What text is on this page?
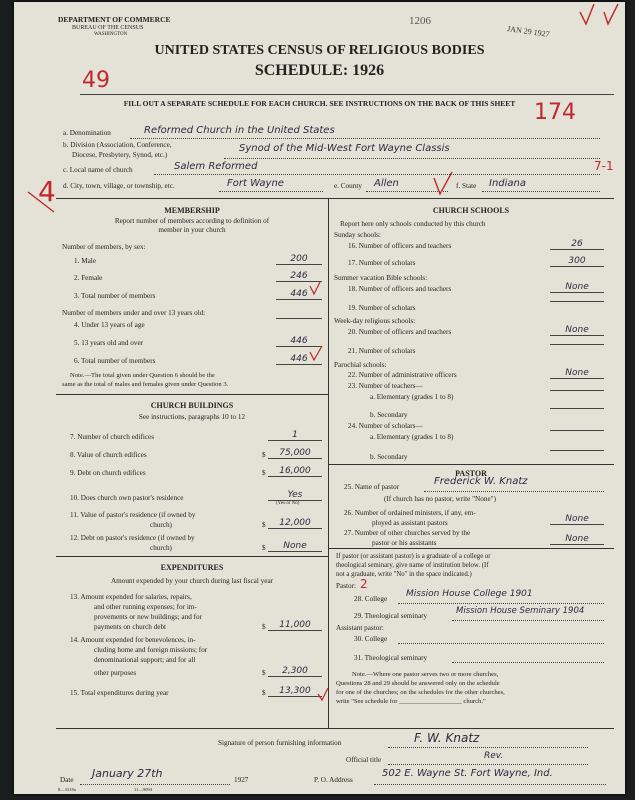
DEPARTMENT OF COMMERCE
BUREAU OF THE CENSUS
WASHINGTON
1206
JAN 29 1927
UNITED STATES CENSUS OF RELIGIOUS BODIES
SCHEDULE: 1926
49
FILL OUT A SEPARATE SCHEDULE FOR EACH CHURCH. SEE INSTRUCTIONS ON THE BACK OF THIS SHEET 174
7-1
4
a. Denomination	Reformed Church in the United States
b. Division (Association, Conference,
Diocese, Presbytery, Synod, etc.)
Synod of the Mid-West Fort Wayne Classis
c. Local name of church	Salem Reformed
d. City, town, village, or township, etc.	Fort Wayne	e. County Allen	f. State Indiana
MEMBERSHIP
Report number of members according to definition of
member in your church
Number of members, by sex:
1. Male	200
2. Female	246
3. Total number of members	446
Number of members under and over 13 years old:
4. Under 13 years of age
5. 13 years old and over	446
6. Total number of members	446
Note.—The total given under Question 6 should be the
same as the total of males and females given under Question 3.
CHURCH BUILDINGS
See instructions, paragraphs 10 to 12
7. Number of church edifices	1
8. Value of church edifices	$	75,000
9. Debt on church edifices	$	16,000
10. Does church own pastor's residence	Yes
(Yes or No)
11. Value of pastor's residence (if owned by
church)	$	12,000
12. Debt on pastor's residence (if owned by
church)	$	None
EXPENDITURES
Amount expended by your church during last fiscal year
13. Amount expended for salaries, repairs,
and other running expenses; for im-
provements or new buildings; and for
payments on church debt	$	11,000
14. Amount expended for benevolences, in-
cluding home and foreign missions; for
denominational support; and for all
other purposes	$	2,300
15. Total expenditures during year	$	13,300
CHURCH SCHOOLS
Report here only schools conducted by this church
Sunday schools:
16. Number of officers and teachers	26
17. Number of scholars	300
Summer vacation Bible schools:
18. Number of officers and teachers	None
19. Number of scholars
Week-day religious schools:
20. Number of officers and teachers	None
21. Number of scholars
Parochial schools:
22. Number of administrative officers	None
23. Number of teachers—
a. Elementary (grades 1 to 8)
b. Secondary
24. Number of scholars—
a. Elementary (grades 1 to 8)
b. Secondary
PASTOR
25. Name of pastor	Frederick W. Knatz
(If church has no pastor, write "None")
26. Number of ordained ministers, if any, em-
ployed as assistant pastors	None
27. Number of other churches served by the
pastor or his assistants	None
If pastor (or assistant pastor) is a graduate of a college or
theological seminary, give name of institution below. (If
not a graduate, write "No" in the space indicated.)
Pastor: 2
28. College Mission House College 1901
29. Theological seminary	Mission House Seminary 1904
Assistant pastor:
30. College
31. Theological seminary
Note.—Where one pastor serves two or more churches,
Questions 28 and 29 should be answered only on the schedule
for one of the churches; on the schedules for the other churches,
write "See schedule for ___________________ church."
Signature of person furnishing information	F. W. Knatz
Official title	Rev.
Date January 27th	1927	P. O. Address
502 E. Wayne St. Fort Wayne, Ind.
8—3318a	11—9094
